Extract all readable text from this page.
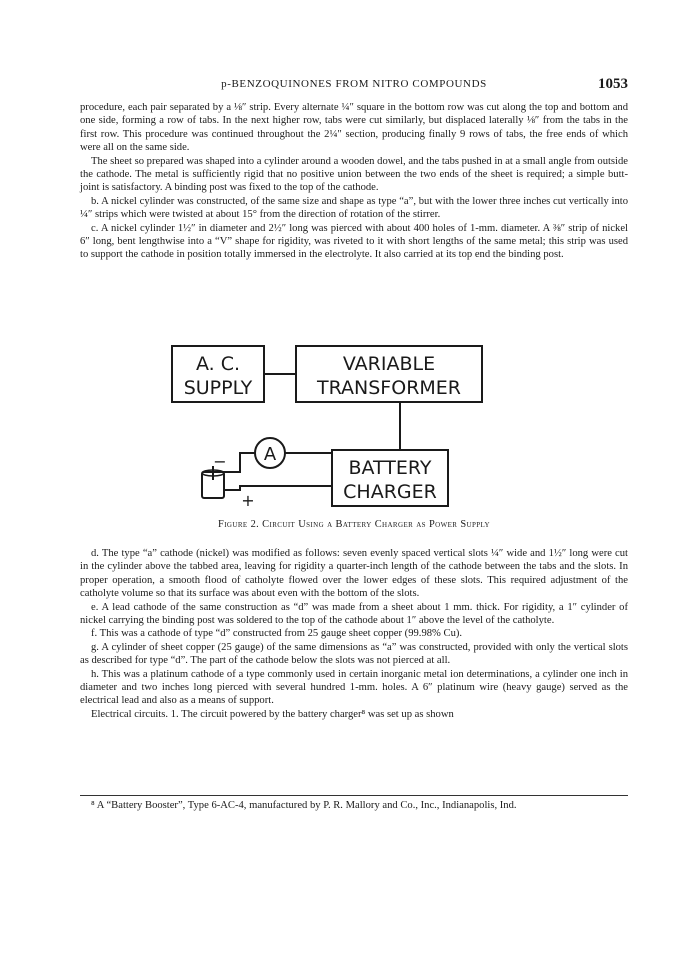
p-BENZOQUINONES FROM NITRO COMPOUNDS	1053

procedure, each pair separated by a ⅛″ strip. Every alternate ¼″ square in the bottom row was cut along the top and bottom and one side, forming a row of tabs. In the next higher row, tabs were cut similarly, but displaced laterally ⅛″ from the tabs in the first row. This procedure was continued throughout the 2¼″ section, producing finally 9 rows of tabs, the free ends of which were all on the same side.

The sheet so prepared was shaped into a cylinder around a wooden dowel, and the tabs pushed in at a small angle from outside the cathode. The metal is sufficiently rigid that no positive union between the two ends of the sheet is required; a simple butt-joint is satisfactory. A binding post was fixed to the top of the cathode.

b. A nickel cylinder was constructed, of the same size and shape as type “a”, but with the lower three inches cut vertically into ¼″ strips which were twisted at about 15° from the direction of rotation of the stirrer.

c. A nickel cylinder 1½″ in diameter and 2½″ long was pierced with about 400 holes of 1-mm. diameter. A ⅜″ strip of nickel 6″ long, bent lengthwise into a “V” shape for rigidity, was riveted to it with short lengths of the same metal; this strip was used to support the cathode in position totally immersed in the electrolyte. It also carried at its top end the binding post.

A. C.
SUPPLY
VARIABLE
TRANSFORMER
BATTERY
CHARGER
A
−
+
Figure 2. Circuit Using a Battery Charger as Power Supply

d. The type “a” cathode (nickel) was modified as follows: seven evenly spaced vertical slots ¼″ wide and 1½″ long were cut in the cylinder above the tabbed area, leaving for rigidity a quarter-inch length of the cathode between the tabs and the slots. In proper operation, a smooth flood of catholyte flowed over the lower edges of these slots. This required adjustment of the catholyte volume so that its surface was about even with the bottom of the slots.

e. A lead cathode of the same construction as “d” was made from a sheet about 1 mm. thick. For rigidity, a 1″ cylinder of nickel carrying the binding post was soldered to the top of the cathode about 1″ above the level of the catholyte.

f. This was a cathode of type “d” constructed from 25 gauge sheet copper (99.98% Cu).

g. A cylinder of sheet copper (25 gauge) of the same dimensions as “a” was constructed, provided with only the vertical slots as described for type “d”. The part of the cathode below the slots was not pierced at all.

h. This was a platinum cathode of a type commonly used in certain inorganic metal ion determinations, a cylinder one inch in diameter and two inches long pierced with several hundred 1-mm. holes. A 6″ platinum wire (heavy gauge) served as the electrical lead and also as a means of support.

Electrical circuits. 1. The circuit powered by the battery charger⁸ was set up as shown

⁸ A “Battery Booster”, Type 6-AC-4, manufactured by P. R. Mallory and Co., Inc., Indianapolis, Ind.
